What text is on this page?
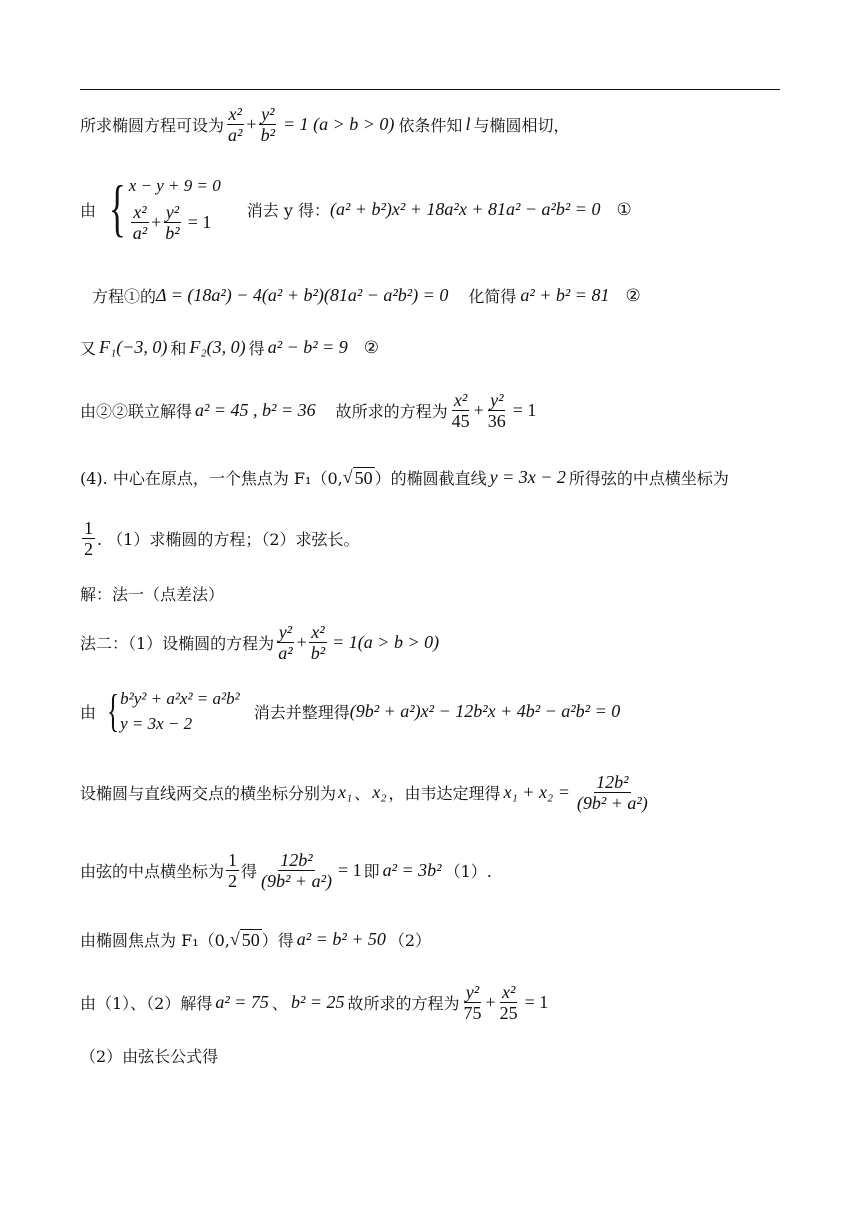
所求椭圆方程可设为 $\frac{\text{x²}}{\text{a²}} + \frac{\text{y²}}{\text{b²}} = 1$ (a > b > 0) 依条件知 l 与椭圆相切，
由 { x − y + 9 = 0
$\frac{\text{x²}}{\text{a²}} + \frac{\text{y²}}{\text{b²}} = 1$
消去 y 得： (a² + b²)x² + 18a²x + 81a² − a²b² = 0 ①
方程①的 Δ = (18a²) − 4(a² + b²)(81a² − a²b²) = 0 化简得 a² + b² = 81 ②
又 F₁(−3, 0) 和 F₂(3, 0) 得 a² − b² = 9 ②
由②②联立解得 a² = 45 , b² = 36 故所求的方程为 $\frac{\text{x²}}{45} + \frac{\text{y²}}{36} = 1$
(4). 中心在原点，一个焦点为 F₁（0, √ 50 ）的椭圆截直线 y = 3x − 2 所得弦的中点横坐标为
$\frac{1}{2}$ . （1）求椭圆的方程；（2）求弦长。
解：法一（点差法）
法二：（1）设椭圆的方程为 $\frac{\text{y²}}{\text{a²}} + \frac{\text{x²}}{\text{b²}} = 1(a > b > 0)$
由 { b²y² + a²x² = a²b²
y = 3x − 2
消去并整理得 (9b² + a²)x² − 12b²x + 4b² − a²b² = 0
设椭圆与直线两交点的横坐标分别为 x₁ 、 x₂ ，由韦达定理得 $x_1 + x_2 = \frac{\text{12b²}}{\text{(9b² + a²)}}$
由弦的中点横坐标为 $\frac{1}{2}$ 得 $\frac{\text{12b²}}{\text{(9b² + a²)}} = 1$ 即 a² = 3b² （1）.
由椭圆焦点为 F₁（0, √ 50 ）得 a² = b² + 50 （2）
由（1）、（2）解得 a² = 75 、 b² = 25 故所求的方程为 $\frac{\text{y²}}{75} + \frac{\text{x²}}{25} = 1$
（2）由弦长公式得
